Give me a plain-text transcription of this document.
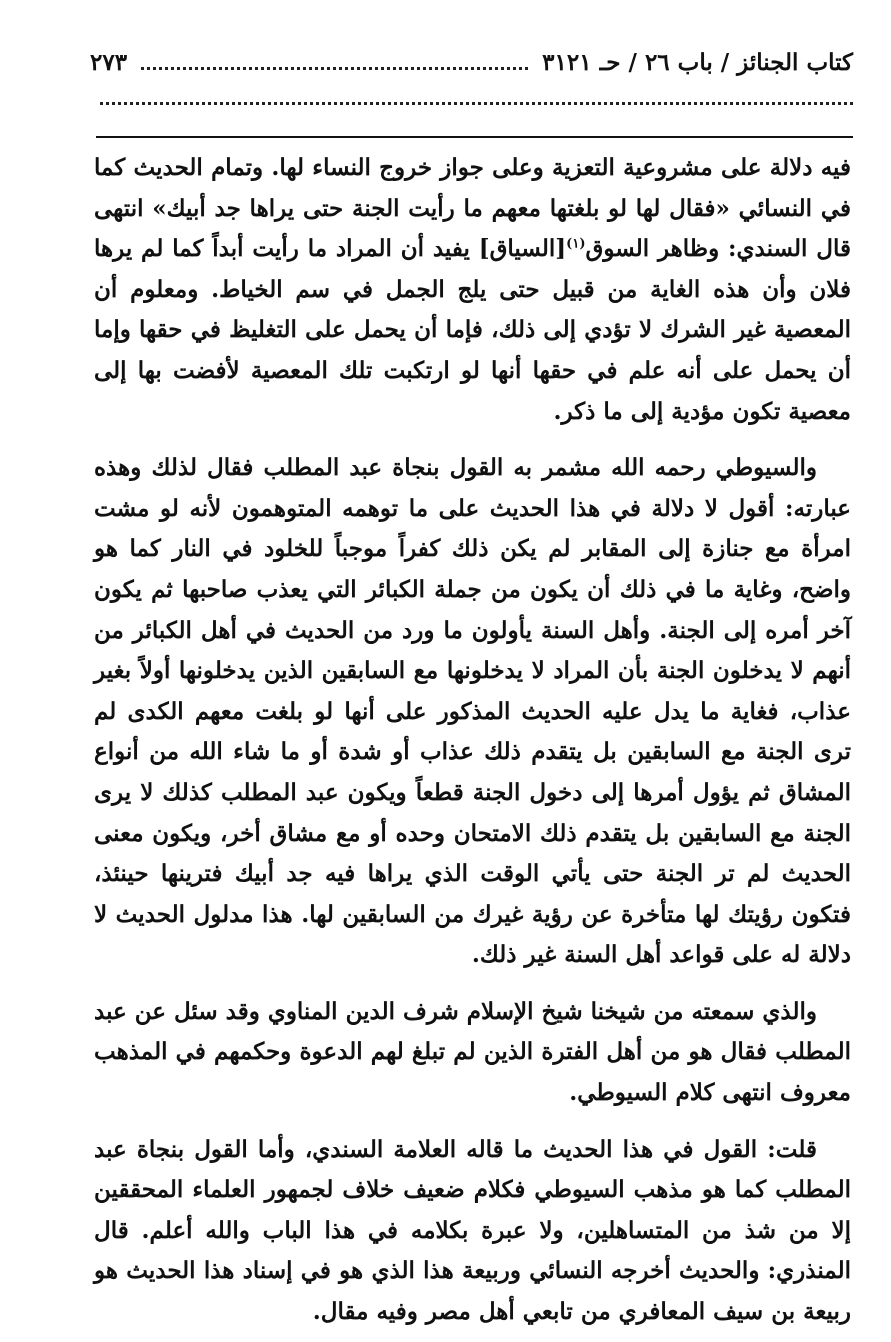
كتاب الجنائز / باب ٢٦ / حـ ٣١٢١
٢٧٣

فيه دلالة على مشروعية التعزية وعلى جواز خروج النساء لها. وتمام الحديث كما في النسائي «فقال لها لو بلغتها معهم ما رأيت الجنة حتى يراها جد أبيك» انتهى قال السندي: وظاهر السوق$^{(١)}$[السياق] يفيد أن المراد ما رأيت أبداً كما لم يرها فلان وأن هذه الغاية من قبيل حتى يلج الجمل في سم الخياط. ومعلوم أن المعصية غير الشرك لا تؤدي إلى ذلك، فإما أن يحمل على التغليظ في حقها وإما أن يحمل على أنه علم في حقها أنها لو ارتكبت تلك المعصية لأفضت بها إلى معصية تكون مؤدية إلى ما ذكر.

والسيوطي رحمه الله مشمر به القول بنجاة عبد المطلب فقال لذلك وهذه عبارته: أقول لا دلالة في هذا الحديث على ما توهمه المتوهمون لأنه لو مشت امرأة مع جنازة إلى المقابر لم يكن ذلك كفراً موجباً للخلود في النار كما هو واضح، وغاية ما في ذلك أن يكون من جملة الكبائر التي يعذب صاحبها ثم يكون آخر أمره إلى الجنة. وأهل السنة يأولون ما ورد من الحديث في أهل الكبائر من أنهم لا يدخلون الجنة بأن المراد لا يدخلونها مع السابقين الذين يدخلونها أولاً بغير عذاب، فغاية ما يدل عليه الحديث المذكور على أنها لو بلغت معهم الكدى لم ترى الجنة مع السابقين بل يتقدم ذلك عذاب أو شدة أو ما شاء الله من أنواع المشاق ثم يؤول أمرها إلى دخول الجنة قطعاً ويكون عبد المطلب كذلك لا يرى الجنة مع السابقين بل يتقدم ذلك الامتحان وحده أو مع مشاق أخر، ويكون معنى الحديث لم تر الجنة حتى يأتي الوقت الذي يراها فيه جد أبيك فترينها حينئذ، فتكون رؤيتك لها متأخرة عن رؤية غيرك من السابقين لها. هذا مدلول الحديث لا دلالة له على قواعد أهل السنة غير ذلك.

والذي سمعته من شيخنا شيخ الإسلام شرف الدين المناوي وقد سئل عن عبد المطلب فقال هو من أهل الفترة الذين لم تبلغ لهم الدعوة وحكمهم في المذهب معروف انتهى كلام السيوطي.

قلت: القول في هذا الحديث ما قاله العلامة السندي، وأما القول بنجاة عبد المطلب كما هو مذهب السيوطي فكلام ضعيف خلاف لجمهور العلماء المحققين إلا من شذ من المتساهلين، ولا عبرة بكلامه في هذا الباب والله أعلم. قال المنذري: والحديث أخرجه النسائي وربيعة هذا الذي هو في إسناد هذا الحديث هو ربيعة بن سيف المعافري من تابعي أهل مصر وفيه مقال.
